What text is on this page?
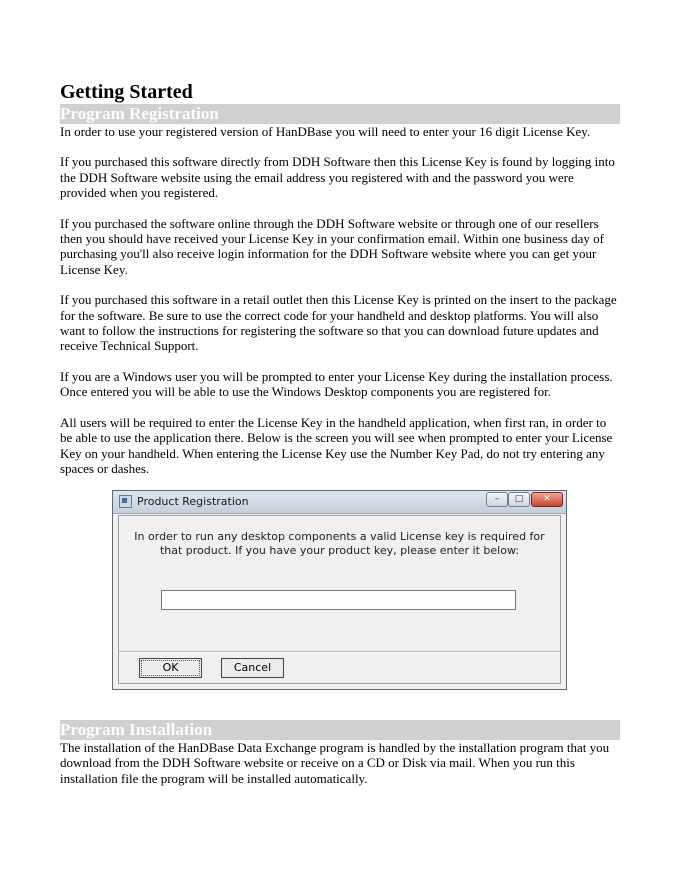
Getting Started
Program Registration

In order to use your registered version of HanDBase you will need to enter your 16 digit License Key.

If you purchased this software directly from DDH Software then this License Key is found by logging into the DDH Software website using the email address you registered with and the password you were provided when you registered.

If you purchased the software online through the DDH Software website or through one of our resellers then you should have received your License Key in your confirmation email. Within one business day of purchasing you'll also receive login information for the DDH Software website where you can get your License Key.

If you purchased this software in a retail outlet then this License Key is printed on the insert to the package for the software. Be sure to use the correct code for your handheld and desktop platforms. You will also want to follow the instructions for registering the software so that you can download future updates and receive Technical Support.

If you are a Windows user you will be prompted to enter your License Key during the installation process. Once entered you will be able to use the Windows Desktop components you are registered for.

All users will be required to enter the License Key in the handheld application, when first ran, in order to be able to use the application there. Below is the screen you will see when prompted to enter your License Key on your handheld. When entering the License Key use the Number Key Pad, do not try entering any spaces or dashes.

Product Registration	–	□	✕
In order to run any desktop components a valid License key is required for that product. If you have your product key, please enter it below:
OK	Cancel
Program Installation

The installation of the HanDBase Data Exchange program is handled by the installation program that you download from the DDH Software website or receive on a CD or Disk via mail. When you run this installation file the program will be installed automatically.
